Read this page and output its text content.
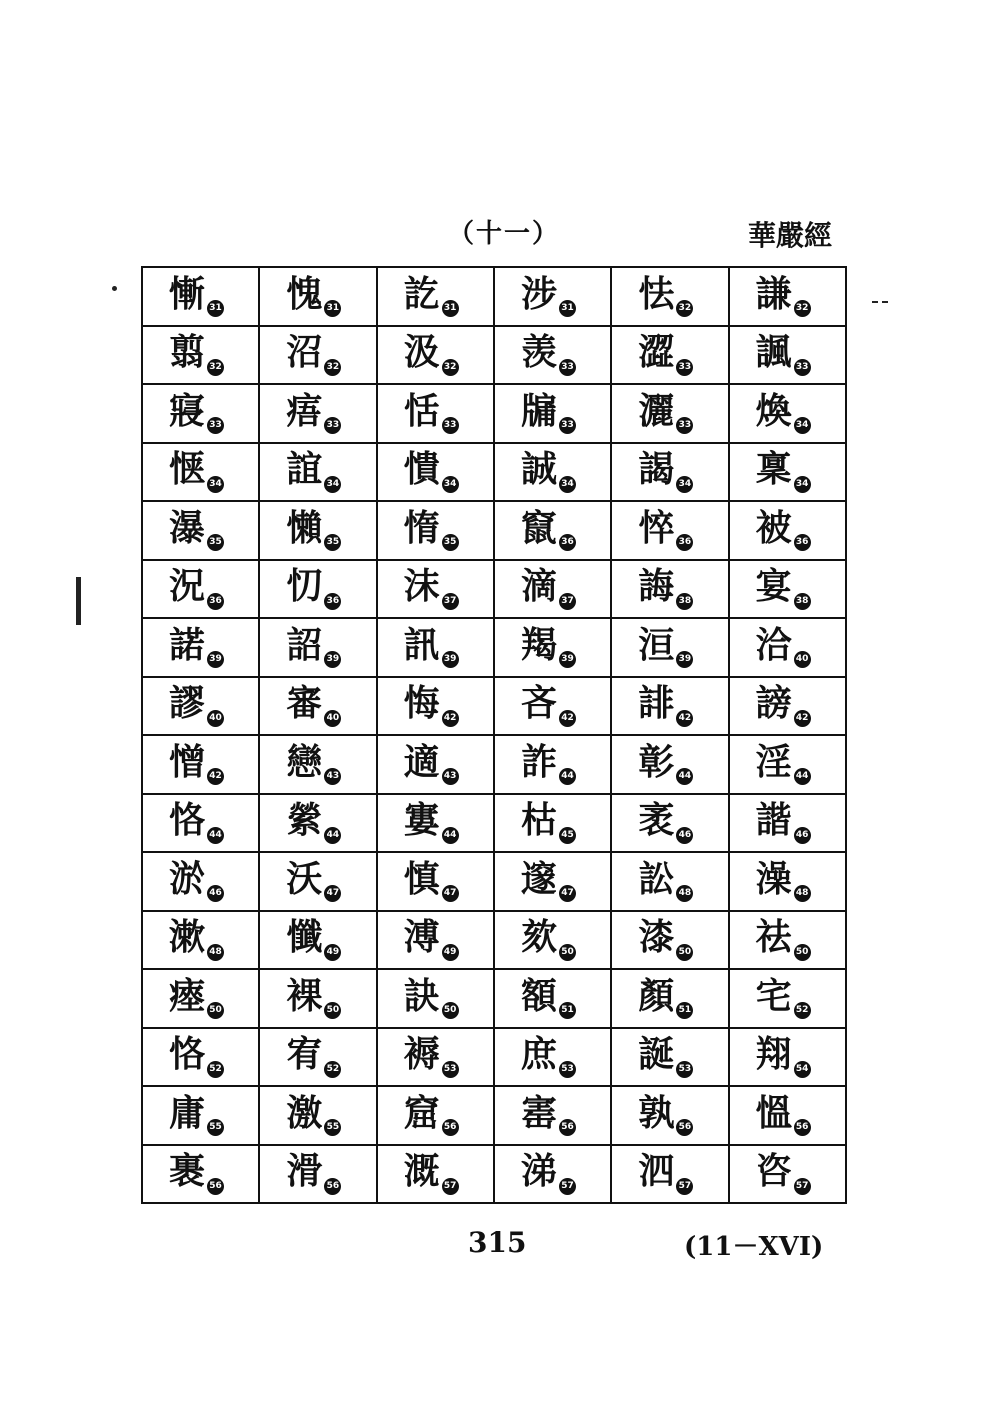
（十一）	華嚴經
慚 31	愧 31	訖 31	涉 31	怯 32	謙 32
翦 32	沼 32	汲 32	羡 33	澀 33	諷 33
寢 33	痦 33	恬 33	牖 33	灑 33	煥 34
惬 34	誼 34	憒 34	誠 34	謁 34	稟 34
瀑 35	懶 35	惰 35	竄 36	悴 36	被 36
況 36	忉 36	沫 37	滴 37	誨 38	宴 38
諾 39	詔 39	訊 39	羯 39	洹 39	洽 40
謬 40	審 40	悔 42	吝 42	誹 42	謗 42
憎 42	戀 43	適 43	詐 44	彰 44	淫 44
恪 44	縈 44	寠 44	枯 45	袤 46	諧 46
淤 46	沃 47	慎 47	邃 47	訟 48	澡 48
漱 48	懺 49	溥 49	欬 50	漆 50	祛 50
瘞 50	裸 50	訣 50	額 51	顏 51	宅 52
恪 52	宥 52	褥 53	庶 53	誕 53	翔 54
庸 55	激 55	窟 56	寚 56	孰 56	慍 56
裹 56	滑 56	溉 57	涕 57	泗 57	咨 57
315	(11－XVI)
